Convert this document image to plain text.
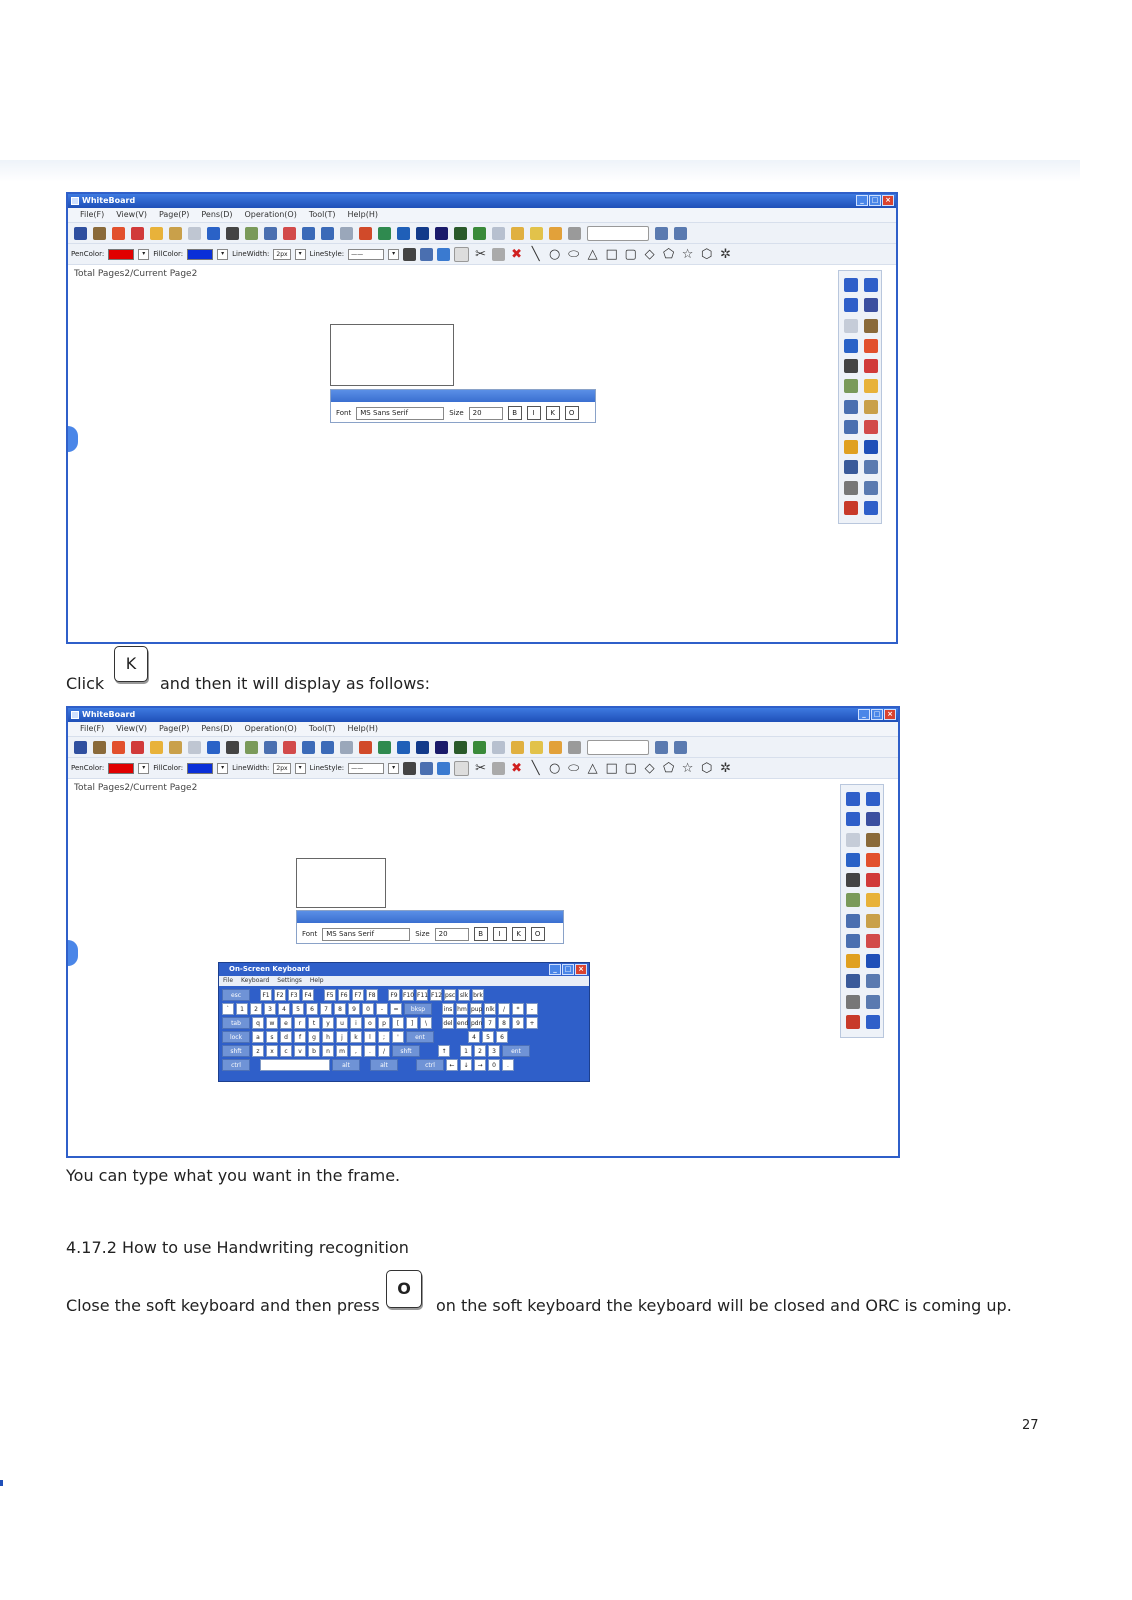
WhiteBoard	_	□ ×
File(F) View(V) Page(P) Pens(D) Operation(O) Tool(T) Help(H)
PenColor:	▾	FillColor:	▾	LineWidth:	2px	▾	LineStyle:	——	▾	✂ ✖ ╲ ○ ⬭ △ □ ▢ ◇ ⬠ ☆ ⬡ ✲
Total Pages2/Current Page2
Font	MS Sans Serif	Size	20	B	I	K	O
Click
K
and then it will display as follows:
WhiteBoard	_	□ ×
File(F) View(V) Page(P) Pens(D) Operation(O) Tool(T) Help(H)
PenColor:	▾	FillColor:	▾	LineWidth:	2px	▾	LineStyle:	——	▾	✂ ✖ ╲ ○ ⬭ △ □ ▢ ◇ ⬠ ☆ ⬡ ✲
Total Pages2/Current Page2
Font	MS Sans Serif	Size	20	B	I	K	O
On-Screen Keyboard	_	□ ×
File Keyboard Settings Help
esc	F1	F2	F3	F4	F5	F6	F7	F8	F9 F10 F11 F12 psc slk brk
`	1	2	3	4	5	6	7	8	9	0	-	=	bksp	ins hm pup nlk	/	*	-
tab	q	w	e	r	t	y	u	i	o	p	[	]	\	del end pdn 7	8	9	+
lock	a	s	d	f	g	h	j	k	l	;	'	ent	4	5	6
shft	z	x	c	v	b	n	m	,	.	/	shft	↑	1	2	3	ent
ctrl	alt	alt	ctrl	←	↓	→	0	.
You can type what you want in the frame.
4.17.2 How to use Handwriting recognition
Close the soft keyboard and then press
O
on the soft keyboard the keyboard will be closed and ORC is coming up.
27
